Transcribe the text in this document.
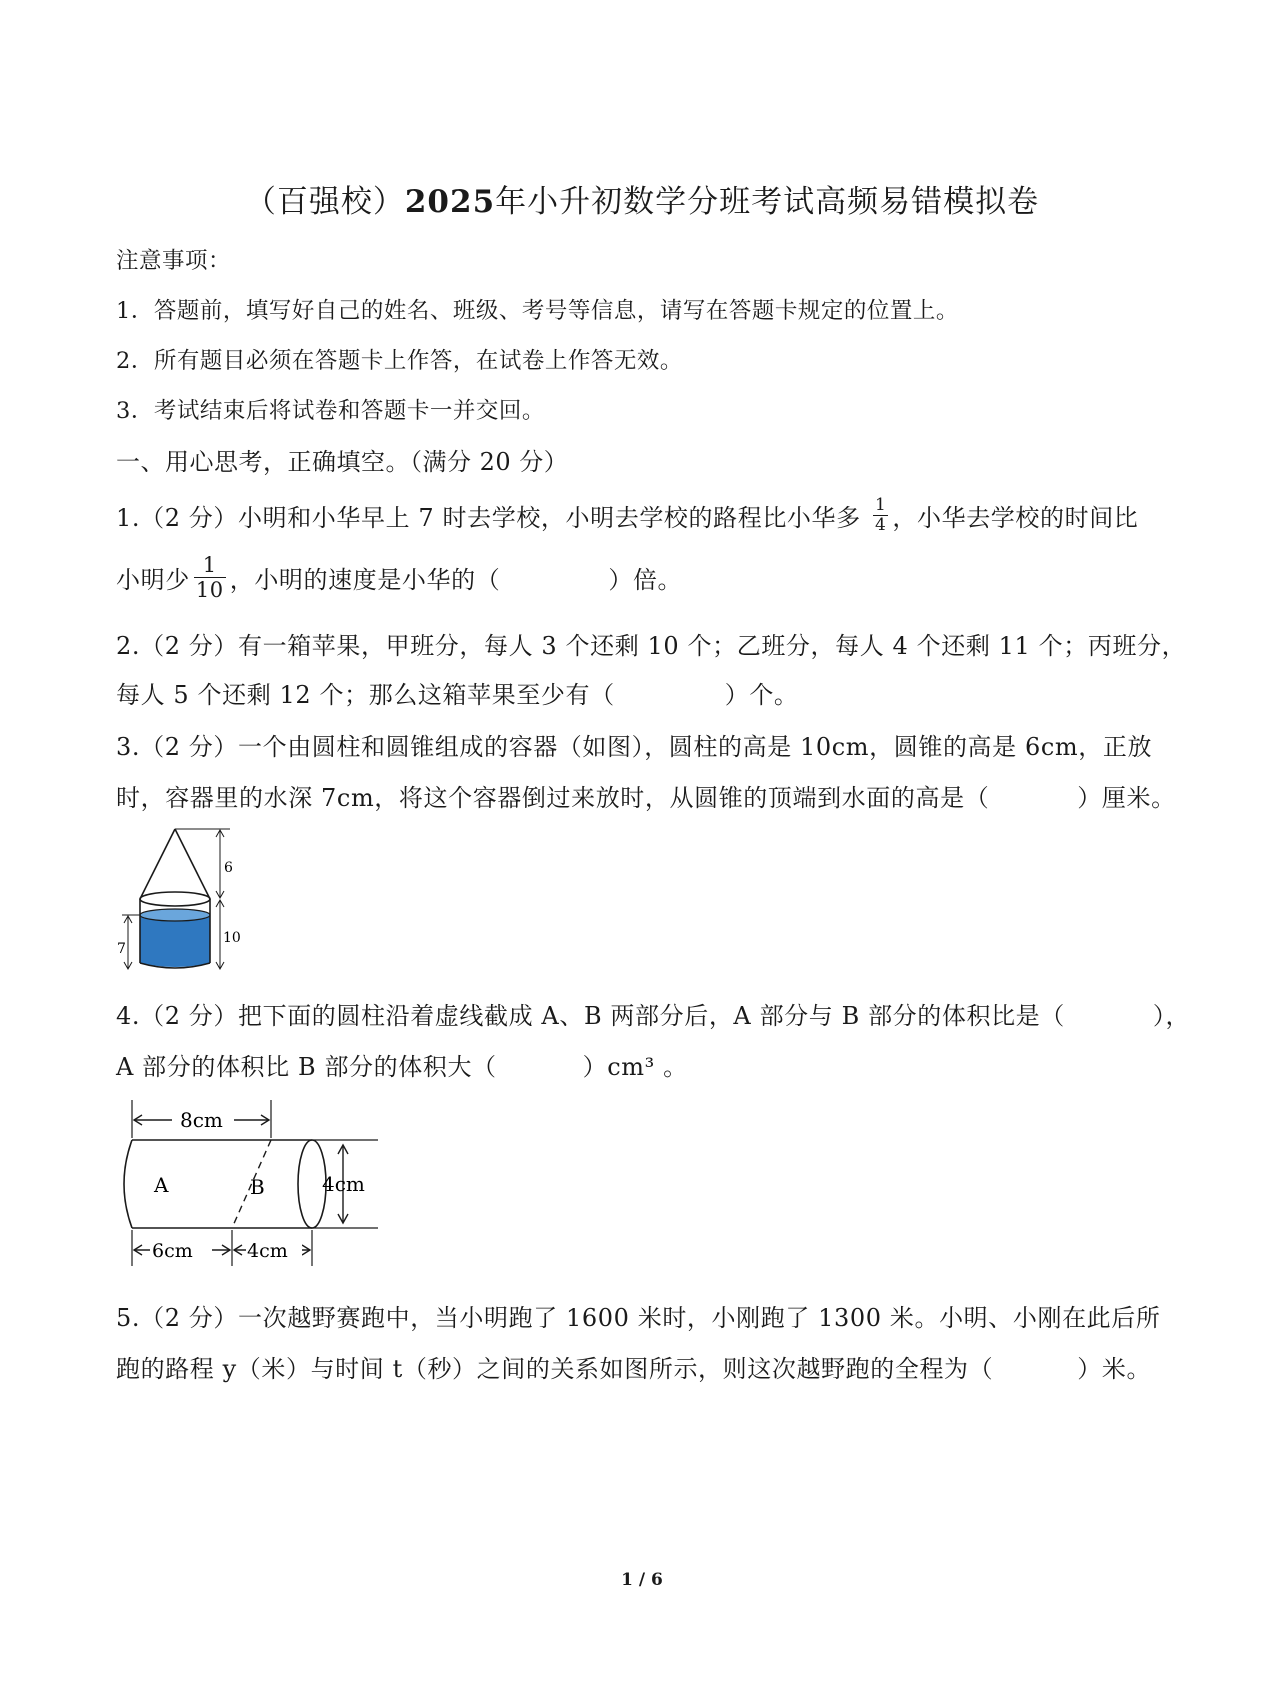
（百强校）2025年小升初数学分班考试高频易错模拟卷
注意事项：
1．答题前，填写好自己的姓名、班级、考号等信息，请写在答题卡规定的位置上。
2．所有题目必须在答题卡上作答，在试卷上作答无效。
3．考试结束后将试卷和答题卡一并交回。
一、用心思考，正确填空。（满分 20 分）
1.（2 分）小明和小华早上 7 时去学校，小明去学校的路程比小华多 $\frac{1}{4}$ ，小华去学校的时间比
小明少 $\frac{1}{10}$ ，小明的速度是小华的（	）倍。
2.（2 分）有一箱苹果，甲班分，每人 3 个还剩 10 个；乙班分，每人 4 个还剩 11 个；丙班分，
每人 5 个还剩 12 个；那么这箱苹果至少有（	）个。
3.（2 分）一个由圆柱和圆锥组成的容器（如图），圆柱的高是 10cm，圆锥的高是 6cm，正放
时，容器里的水深 7cm，将这个容器倒过来放时，从圆锥的顶端到水面的高是（	）厘米。
6
10
7
4.（2 分）把下面的圆柱沿着虚线截成 A、B 两部分后，A 部分与 B 部分的体积比是（	），
A 部分的体积比 B 部分的体积大（	）cm³ 。
8cm
A	B	4cm
6cm	4cm
5.（2 分）一次越野赛跑中，当小明跑了 1600 米时，小刚跑了 1300 米。小明、小刚在此后所
跑的路程 y（米）与时间 t（秒）之间的关系如图所示，则这次越野跑的全程为（	）米。
1 / 6
